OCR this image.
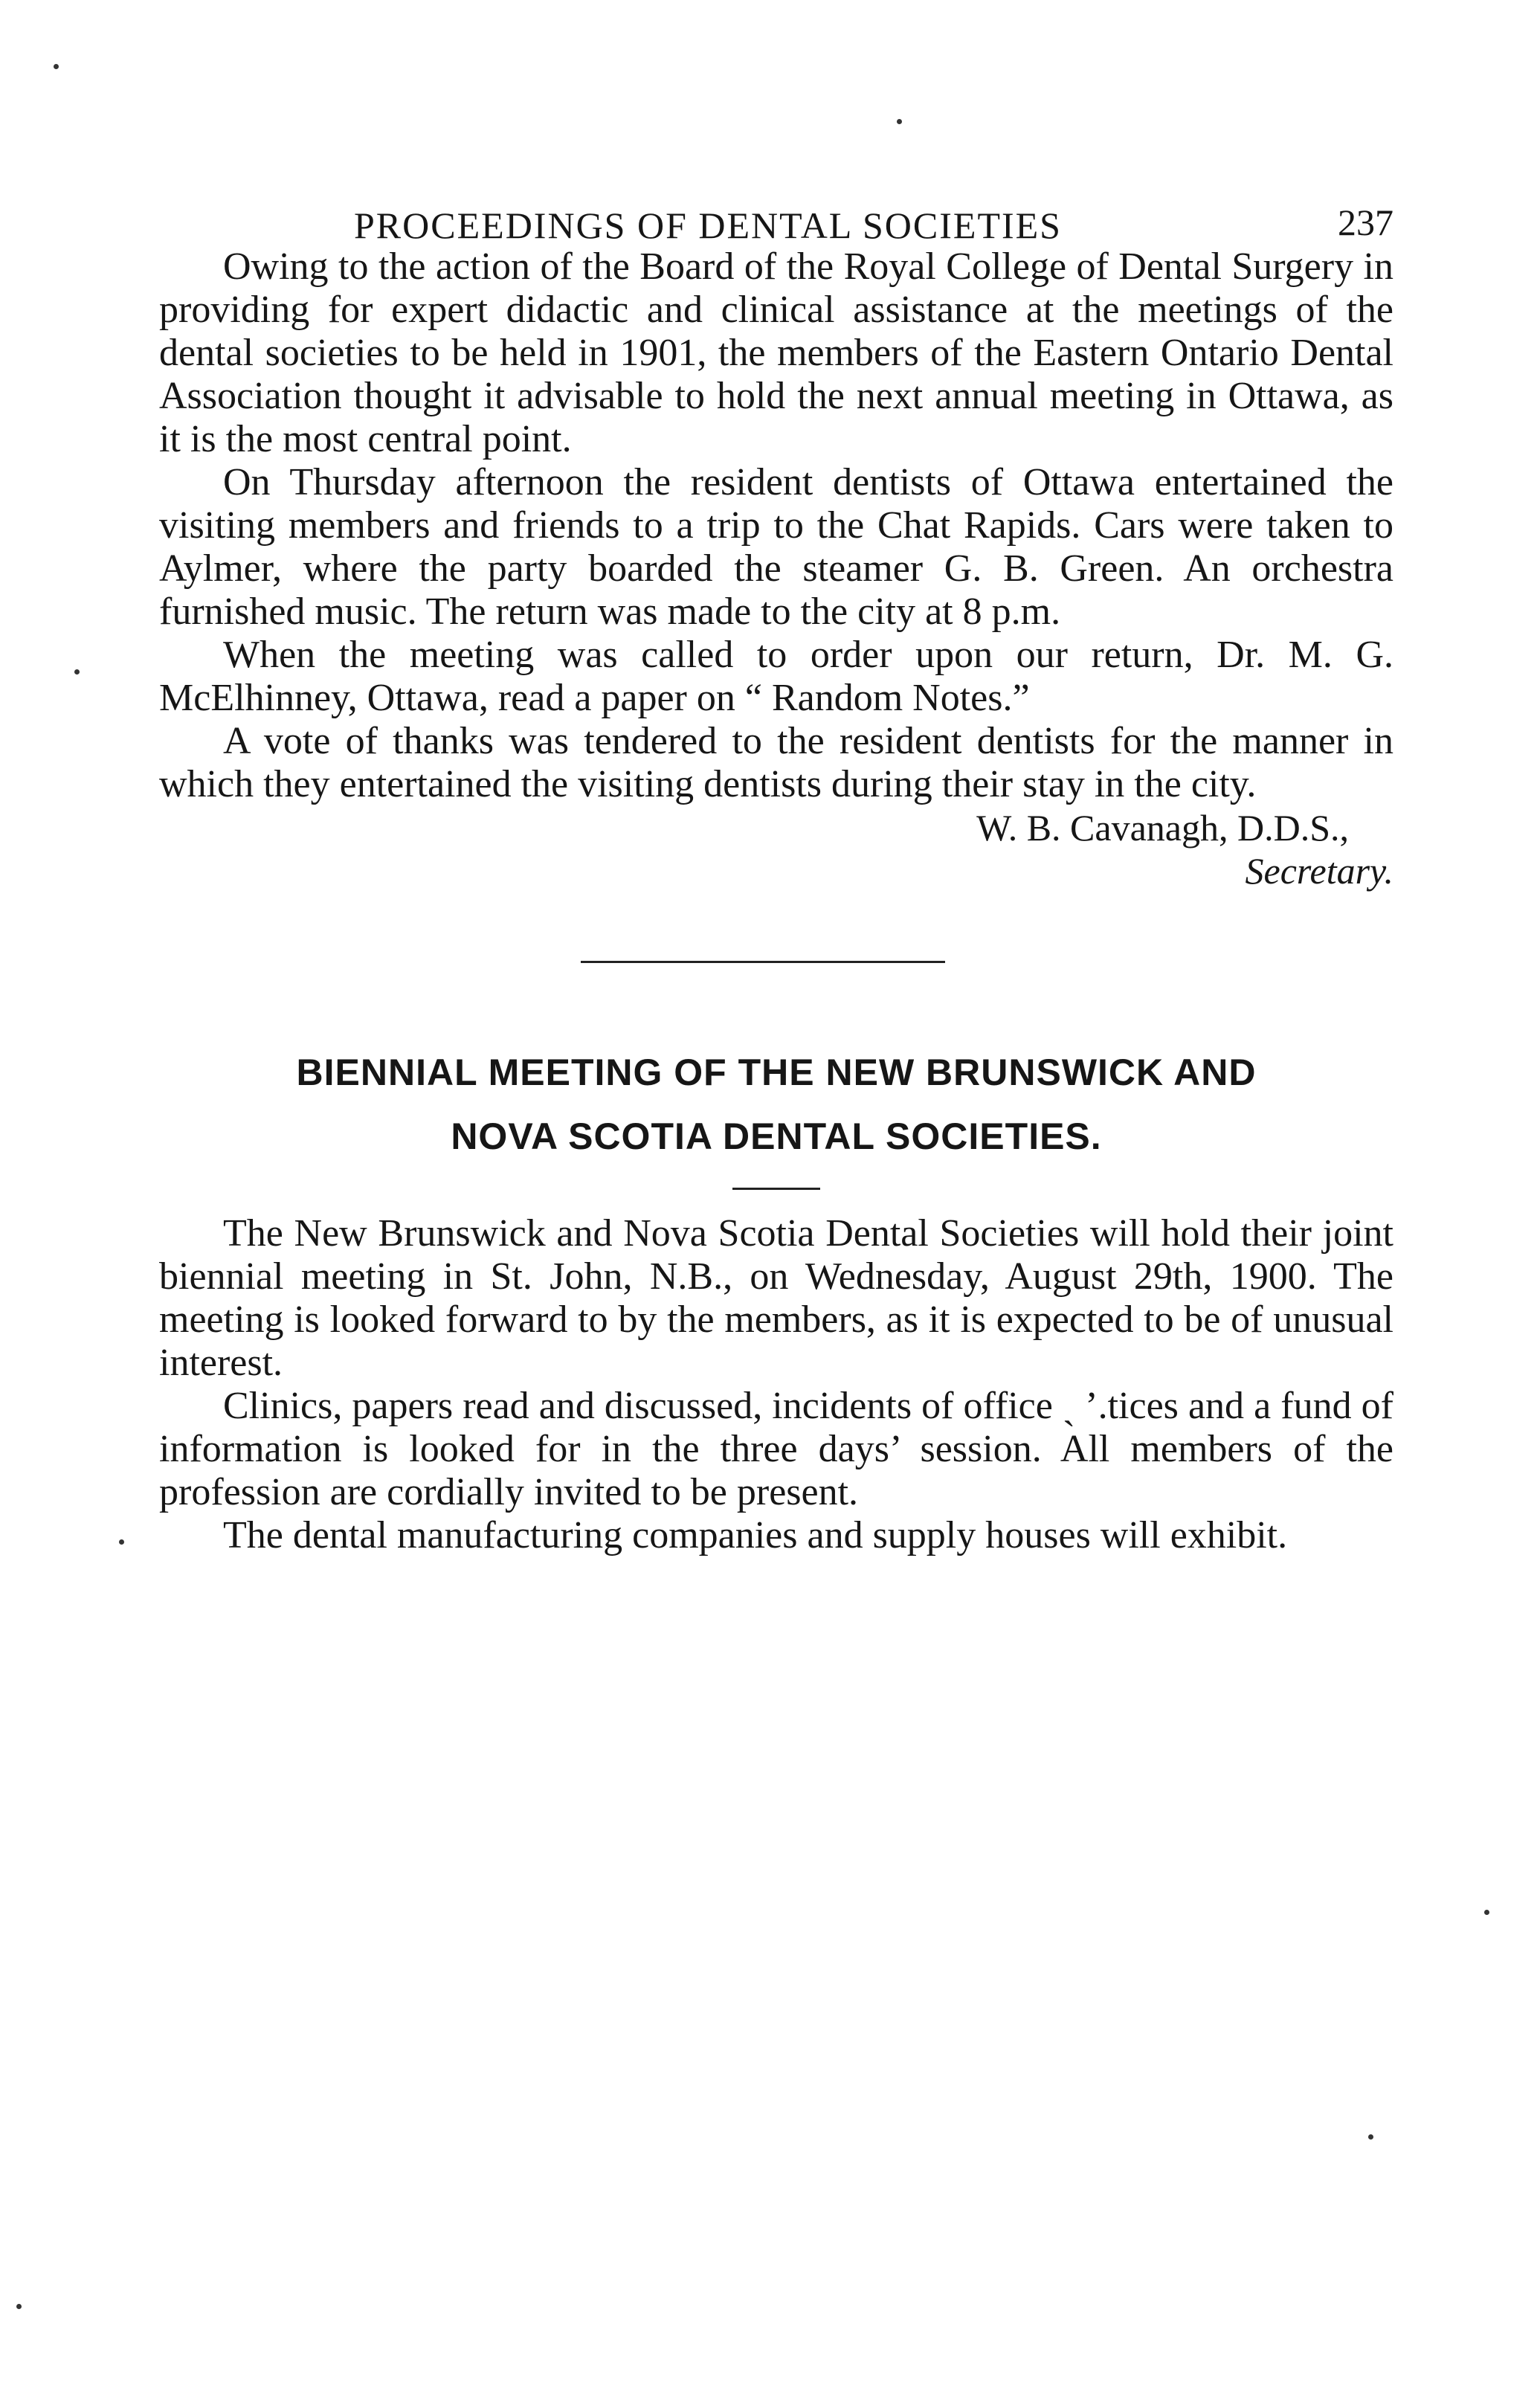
PROCEEDINGS OF DENTAL SOCIETIES	237

Owing to the action of the Board of the Royal College of Dental Surgery in providing for expert didactic and clinical assistance at the meetings of the dental societies to be held in 1901, the members of the Eastern Ontario Dental Association thought it advisable to hold the next annual meeting in Ottawa, as it is the most central point.

On Thursday afternoon the resident dentists of Ottawa entertained the visiting members and friends to a trip to the Chat Rapids. Cars were taken to Aylmer, where the party boarded the steamer G. B. Green. An orchestra furnished music. The return was made to the city at 8 p.m.

When the meeting was called to order upon our return, Dr. M. G. McElhinney, Ottawa, read a paper on “ Random Notes.”

A vote of thanks was tendered to the resident dentists for the manner in which they entertained the visiting dentists during their stay in the city.

W. B. Cavanagh, D.D.S.,
Secretary.
BIENNIAL MEETING OF THE NEW BRUNSWICK AND
NOVA SCOTIA DENTAL SOCIETIES.

The New Brunswick and Nova Scotia Dental Societies will hold their joint biennial meeting in St. John, N.B., on Wednesday, August 29th, 1900. The meeting is looked forward to by the members, as it is expected to be of unusual interest.

Clinics, papers read and discussed, incidents of office ˎ ʼ.tices and a fund of information is looked for in the three days’ session. All members of the profession are cordially invited to be present.

The dental manufacturing companies and supply houses will exhibit.
